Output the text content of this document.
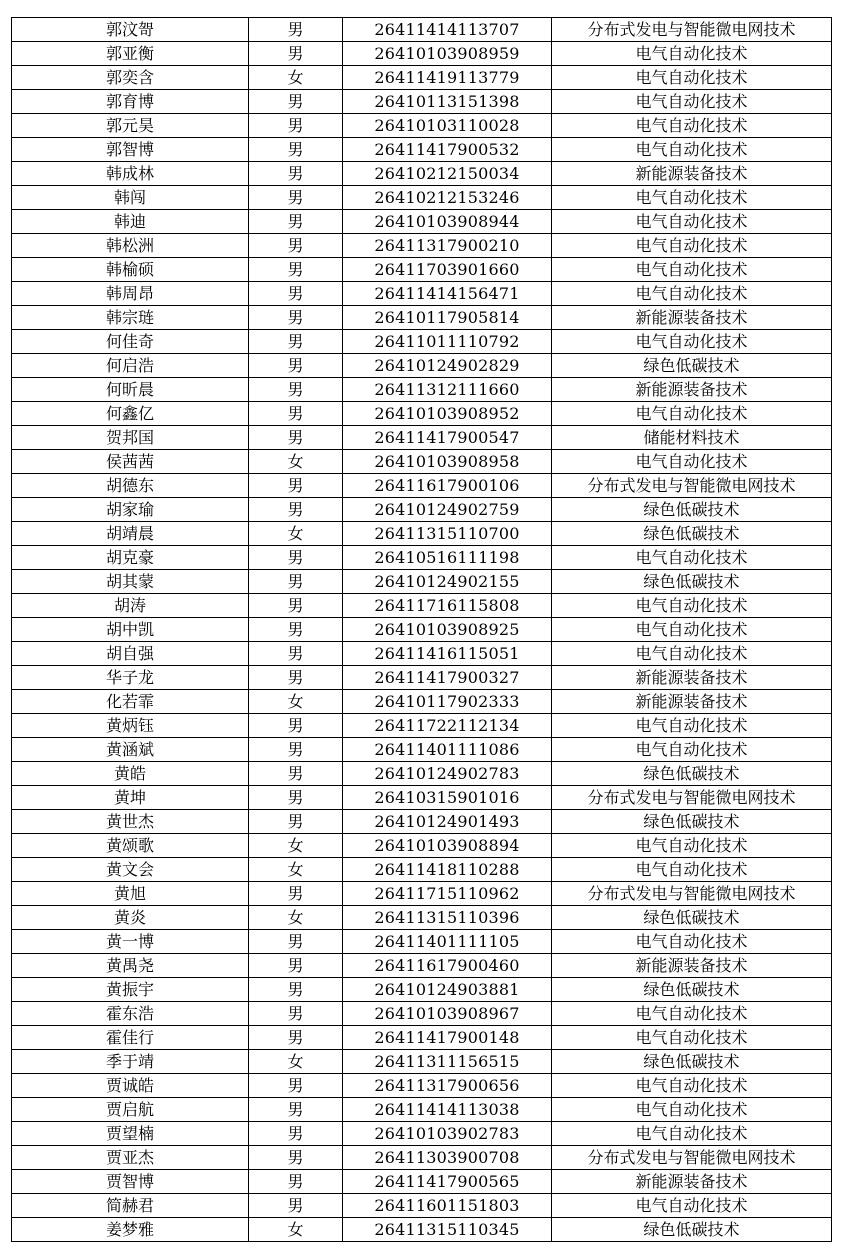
郭汶哿	男	26411414113707	分布式发电与智能微电网技术
郭亚衡	男	26410103908959	电气自动化技术
郭奕含	女	26411419113779	电气自动化技术
郭育博	男	26410113151398	电气自动化技术
郭元昊	男	26410103110028	电气自动化技术
郭智博	男	26411417900532	电气自动化技术
韩成林	男	26410212150034	新能源装备技术
韩闯	男	26410212153246	电气自动化技术
韩迪	男	26410103908944	电气自动化技术
韩松洲	男	26411317900210	电气自动化技术
韩榆硕	男	26411703901660	电气自动化技术
韩周昂	男	26411414156471	电气自动化技术
韩宗琏	男	26410117905814	新能源装备技术
何佳奇	男	26411011110792	电气自动化技术
何启浩	男	26410124902829	绿色低碳技术
何昕晨	男	26411312111660	新能源装备技术
何鑫亿	男	26410103908952	电气自动化技术
贺邦国	男	26411417900547	储能材料技术
侯茜茜	女	26410103908958	电气自动化技术
胡德东	男	26411617900106	分布式发电与智能微电网技术
胡家瑜	男	26410124902759	绿色低碳技术
胡靖晨	女	26411315110700	绿色低碳技术
胡克豪	男	26410516111198	电气自动化技术
胡其蒙	男	26410124902155	绿色低碳技术
胡涛	男	26411716115808	电气自动化技术
胡中凯	男	26410103908925	电气自动化技术
胡自强	男	26411416115051	电气自动化技术
华子龙	男	26411417900327	新能源装备技术
化若霏	女	26410117902333	新能源装备技术
黄炳钰	男	26411722112134	电气自动化技术
黄涵斌	男	26411401111086	电气自动化技术
黄皓	男	26410124902783	绿色低碳技术
黄坤	男	26410315901016	分布式发电与智能微电网技术
黄世杰	男	26410124901493	绿色低碳技术
黄颂歌	女	26410103908894	电气自动化技术
黄文会	女	26411418110288	电气自动化技术
黄旭	男	26411715110962	分布式发电与智能微电网技术
黄炎	女	26411315110396	绿色低碳技术
黄一博	男	26411401111105	电气自动化技术
黄禺尧	男	26411617900460	新能源装备技术
黄振宇	男	26410124903881	绿色低碳技术
霍东浩	男	26410103908967	电气自动化技术
霍佳行	男	26411417900148	电气自动化技术
季于靖	女	26411311156515	绿色低碳技术
贾诚皓	男	26411317900656	电气自动化技术
贾启航	男	26411414113038	电气自动化技术
贾望楠	男	26410103902783	电气自动化技术
贾亚杰	男	26411303900708	分布式发电与智能微电网技术
贾智博	男	26411417900565	新能源装备技术
简赫君	男	26411601151803	电气自动化技术
姜梦雅	女	26411315110345	绿色低碳技术
